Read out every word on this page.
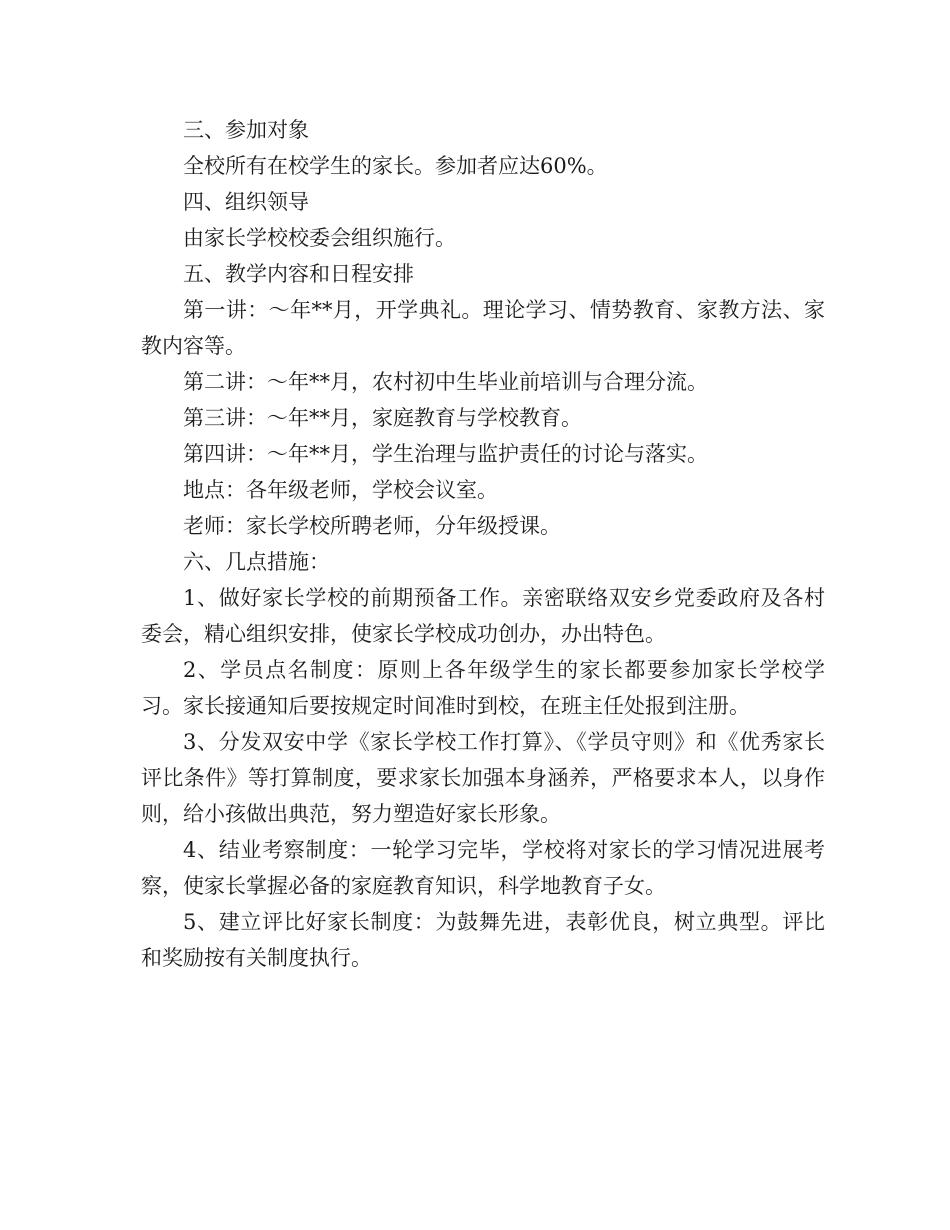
三、参加对象

全校所有在校学生的家长。参加者应达60%。

四、组织领导

由家长学校校委会组织施行。

五、教学内容和日程安排

第一讲：～年**月，开学典礼。理论学习、情势教育、家教方法、家教内容等。

第二讲：～年**月，农村初中生毕业前培训与合理分流。

第三讲：～年**月，家庭教育与学校教育。

第四讲：～年**月，学生治理与监护责任的讨论与落实。

地点：各年级老师，学校会议室。

老师：家长学校所聘老师，分年级授课。

六、几点措施：

1、做好家长学校的前期预备工作。亲密联络双安乡党委政府及各村委会，精心组织安排，使家长学校成功创办，办出特色。

2、学员点名制度：原则上各年级学生的家长都要参加家长学校学习。家长接通知后要按规定时间准时到校，在班主任处报到注册。

3、分发双安中学《家长学校工作打算》、《学员守则》和《优秀家长评比条件》等打算制度，要求家长加强本身涵养，严格要求本人，以身作则，给小孩做出典范，努力塑造好家长形象。

4、结业考察制度：一轮学习完毕，学校将对家长的学习情况进展考察，使家长掌握必备的家庭教育知识，科学地教育子女。

5、建立评比好家长制度：为鼓舞先进，表彰优良，树立典型。评比和奖励按有关制度执行。
